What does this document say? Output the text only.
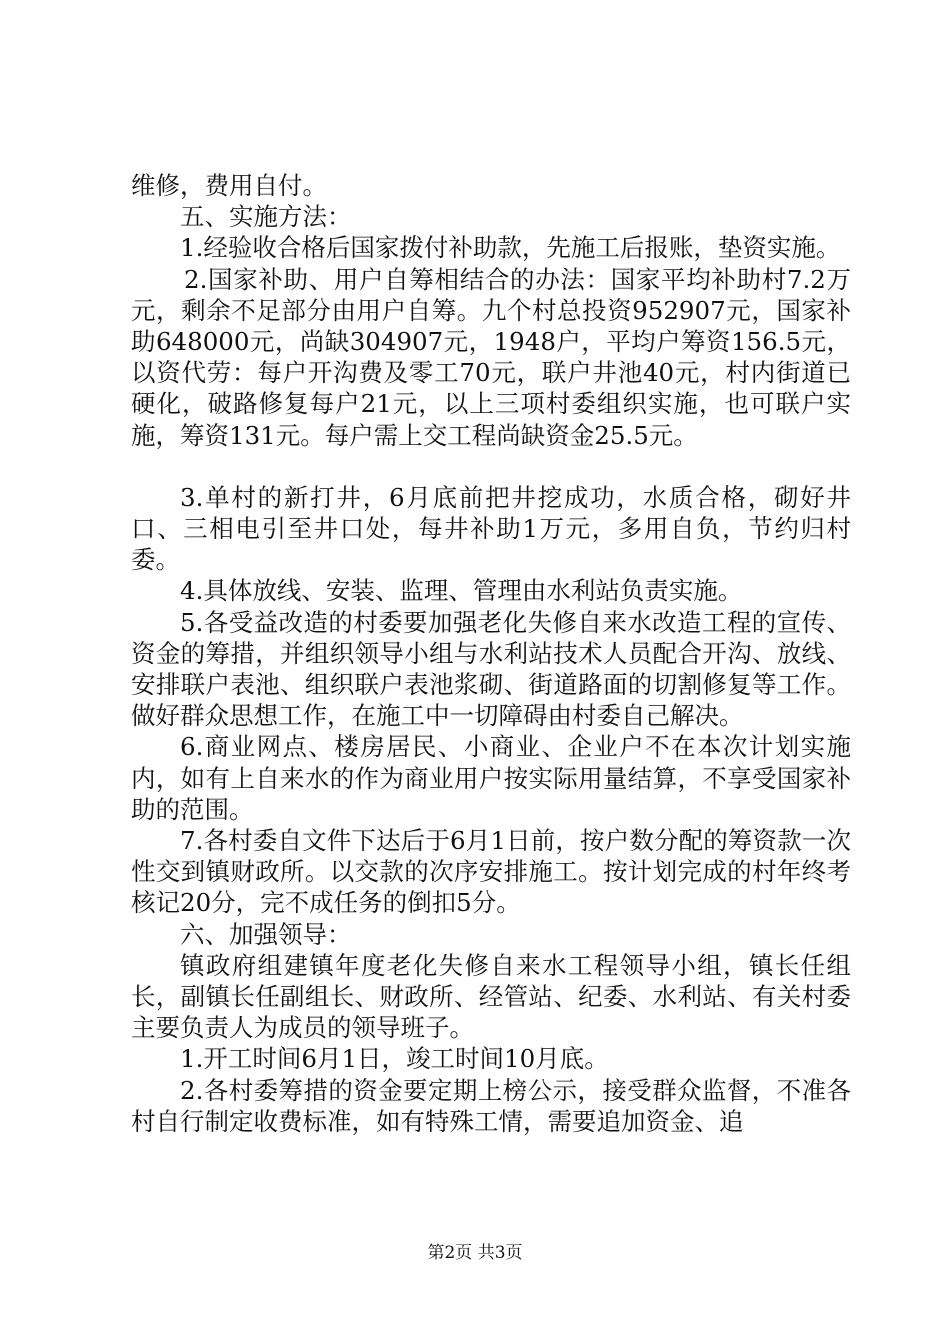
维修，费用自付。

五、实施方法：

1.经验收合格后国家拨付补助款，先施工后报账，垫资实施。

2.国家补助、用户自筹相结合的办法：国家平均补助村7.2万元，剩余不足部分由用户自筹。九个村总投资952907元，国家补助648000元，尚缺304907元，1948户，平均户筹资156.5元，以资代劳：每户开沟费及零工70元，联户井池40元，村内街道已硬化，破路修复每户21元，以上三项村委组织实施，也可联户实施，筹资131元。每户需上交工程尚缺资金25.5元。

3.单村的新打井，6月底前把井挖成功，水质合格，砌好井口、三相电引至井口处，每井补助1万元，多用自负，节约归村委。

4.具体放线、安装、监理、管理由水利站负责实施。

5.各受益改造的村委要加强老化失修自来水改造工程的宣传、资金的筹措，并组织领导小组与水利站技术人员配合开沟、放线、安排联户表池、组织联户表池浆砌、街道路面的切割修复等工作。做好群众思想工作，在施工中一切障碍由村委自己解决。

6.商业网点、楼房居民、小商业、企业户不在本次计划实施内，如有上自来水的作为商业用户按实际用量结算，不享受国家补助的范围。

7.各村委自文件下达后于6月1日前，按户数分配的筹资款一次性交到镇财政所。以交款的次序安排施工。按计划完成的村年终考核记20分，完不成任务的倒扣5分。

六、加强领导：

镇政府组建镇年度老化失修自来水工程领导小组，镇长任组长，副镇长任副组长、财政所、经管站、纪委、水利站、有关村委主要负责人为成员的领导班子。

1.开工时间6月1日，竣工时间10月底。

2.各村委筹措的资金要定期上榜公示，接受群众监督，不准各村自行制定收费标准，如有特殊工情，需要追加资金、追

第2页 共3页
